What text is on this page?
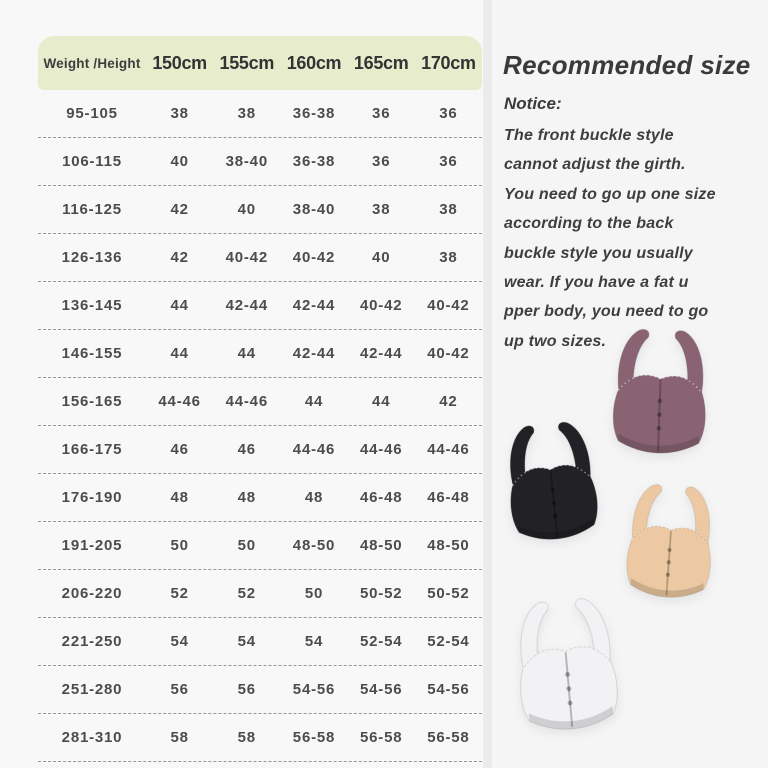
Weight /Height 150cm 155cm 160cm 165cm 170cm
95-105	38	38	36-38	36	36
106-115	40	38-40	36-38	36	36
116-125	42	40	38-40	38	38
126-136	42	40-42	40-42	40	38
136-145	44	42-44	42-44	40-42	40-42
146-155	44	44	42-44	42-44	40-42
156-165	44-46	44-46	44	44	42
166-175	46	46	44-46	44-46	44-46
176-190	48	48	48	46-48	46-48
191-205	50	50	48-50	48-50	48-50
206-220	52	52	50	50-52	50-52
221-250	54	54	54	52-54	52-54
251-280	56	56	54-56	54-56	54-56
281-310	58	58	56-58	56-58	56-58
Recommended size
Notice:
The front buckle style
cannot adjust the girth.
You need to go up one size
according to the back
buckle style you usually
wear. If you have a fat u
pper body, you need to go
up two sizes.
